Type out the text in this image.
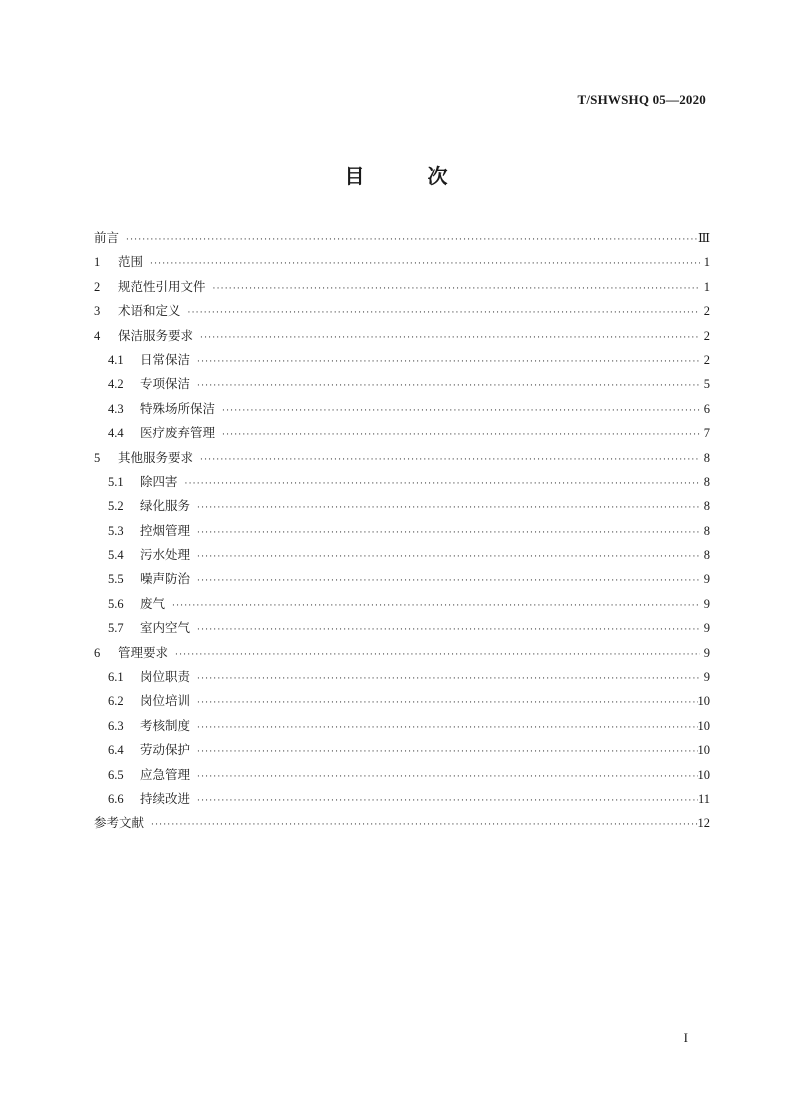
T/SHWSHQ 05—2020
目 次
前言 ·····	Ⅲ
1	范围 ·····	1
2	规范性引用文件 ·····	1
3	术语和定义 ·····	2
4	保洁服务要求 ·····	2
4.1	日常保洁 ·····	2
4.2	专项保洁 ·····	5
4.3	特殊场所保洁 ·····	6
4.4	医疗废弃管理 ·····	7
5	其他服务要求 ·····	8
5.1	除四害 ·····	8
5.2	绿化服务 ·····	8
5.3	控烟管理 ·····	8
5.4	污水处理 ·····	8
5.5	噪声防治 ·····	9
5.6	废气 ·····	9
5.7	室内空气 ·····	9
6	管理要求 ·····	9
6.1	岗位职责 ·····	9
6.2	岗位培训 ·····	10
6.3	考核制度 ·····	10
6.4	劳动保护 ·····	10
6.5	应急管理 ·····	10
6.6	持续改进 ·····	11
参考文献 ·····	12
I
